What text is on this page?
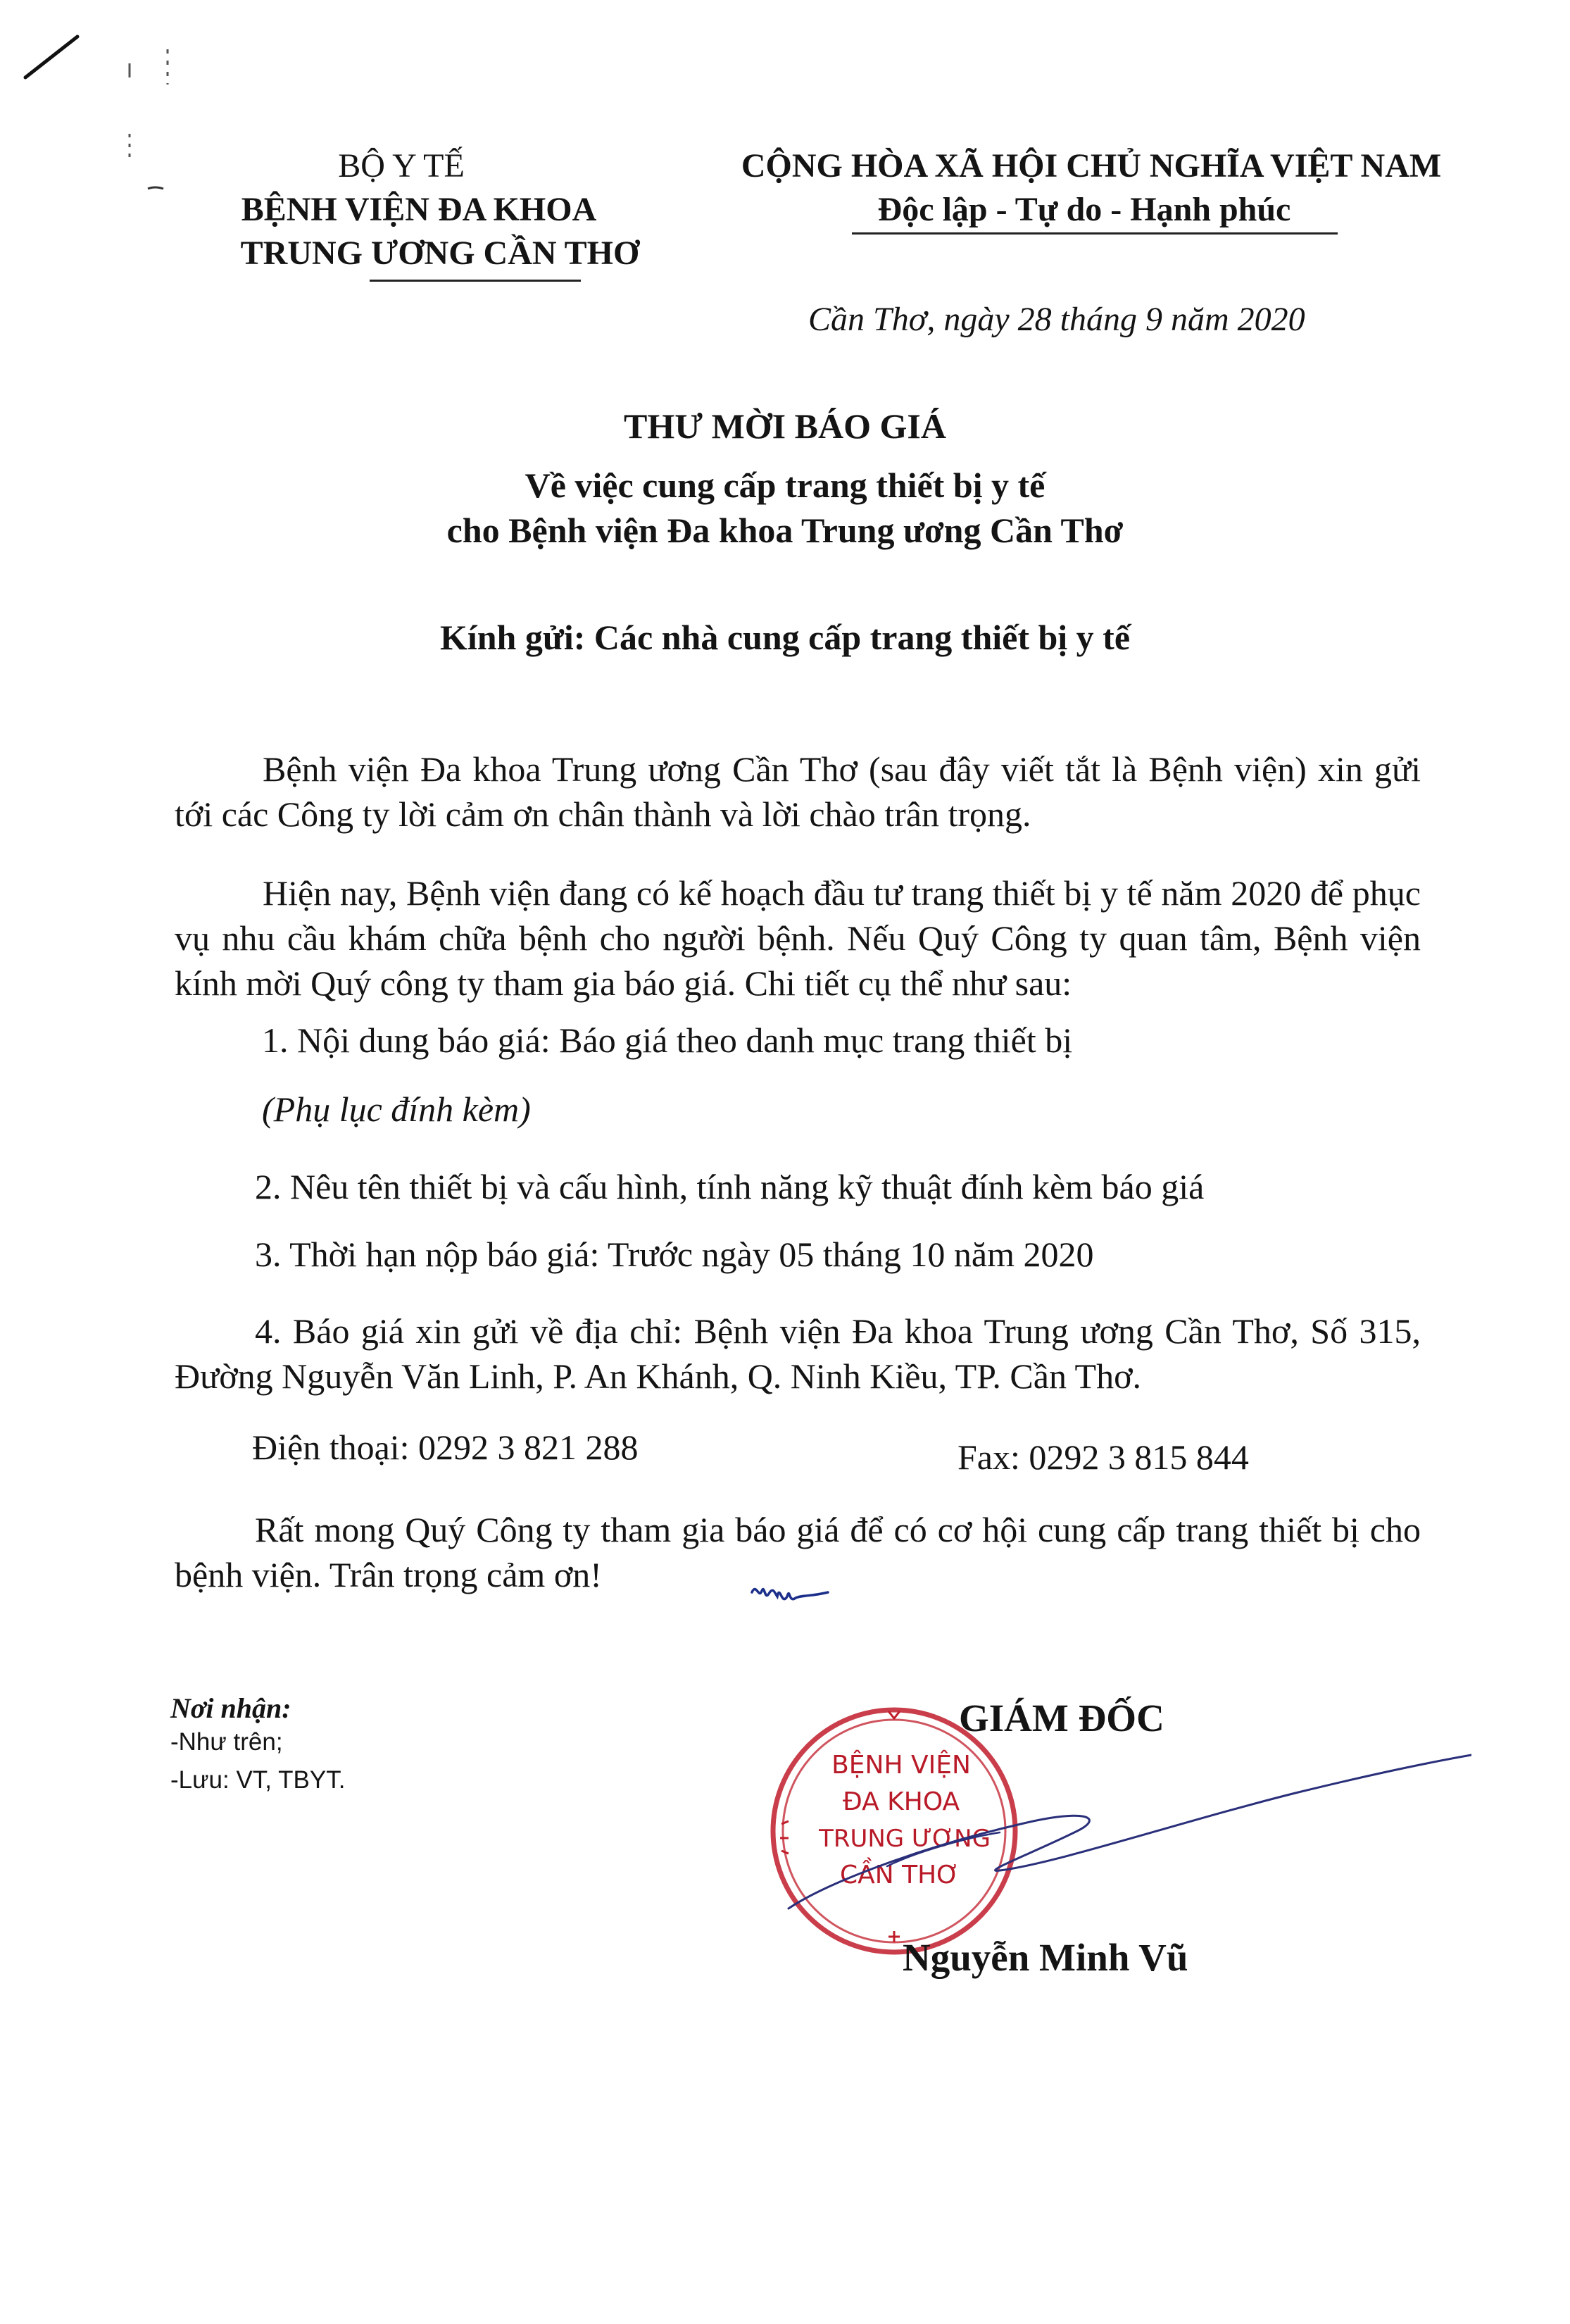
BỘ Y TẾ
BỆNH VIỆN ĐA KHOA
TRUNG ƯƠNG CẦN THƠ
CỘNG HÒA XÃ HỘI CHỦ NGHĨA VIỆT NAM
Độc lập - Tự do - Hạnh phúc
Cần Thơ, ngày 28 tháng 9 năm 2020
THƯ MỜI BÁO GIÁ
Về việc cung cấp trang thiết bị y tế
cho Bệnh viện Đa khoa Trung ương Cần Thơ
Kính gửi: Các nhà cung cấp trang thiết bị y tế
Bệnh viện Đa khoa Trung ương Cần Thơ (sau đây viết tắt là Bệnh viện) xin gửi tới các Công ty lời cảm ơn chân thành và lời chào trân trọng.
Hiện nay, Bệnh viện đang có kế hoạch đầu tư trang thiết bị y tế năm 2020 để phục vụ nhu cầu khám chữa bệnh cho người bệnh. Nếu Quý Công ty quan tâm, Bệnh viện kính mời Quý công ty tham gia báo giá. Chi tiết cụ thể như sau:
1. Nội dung báo giá: Báo giá theo danh mục trang thiết bị
(Phụ lục đính kèm)
2. Nêu tên thiết bị và cấu hình, tính năng kỹ thuật đính kèm báo giá
3. Thời hạn nộp báo giá: Trước ngày 05 tháng 10 năm 2020
4. Báo giá xin gửi về địa chỉ: Bệnh viện Đa khoa Trung ương Cần Thơ, Số 315, Đường Nguyễn Văn Linh, P. An Khánh, Q. Ninh Kiều, TP. Cần Thơ.
Điện thoại: 0292 3 821 288	Fax: 0292 3 815 844
Rất mong Quý Công ty tham gia báo giá để có cơ hội cung cấp trang thiết bị cho bệnh viện. Trân trọng cảm ơn!
Nơi nhận:
-Như trên;
-Lưu: VT, TBYT.
GIÁM ĐỐC
BỆNH VIỆN
ĐA KHOA
TRUNG ƯƠNG
CẦN THƠ
Nguyễn Minh Vũ
